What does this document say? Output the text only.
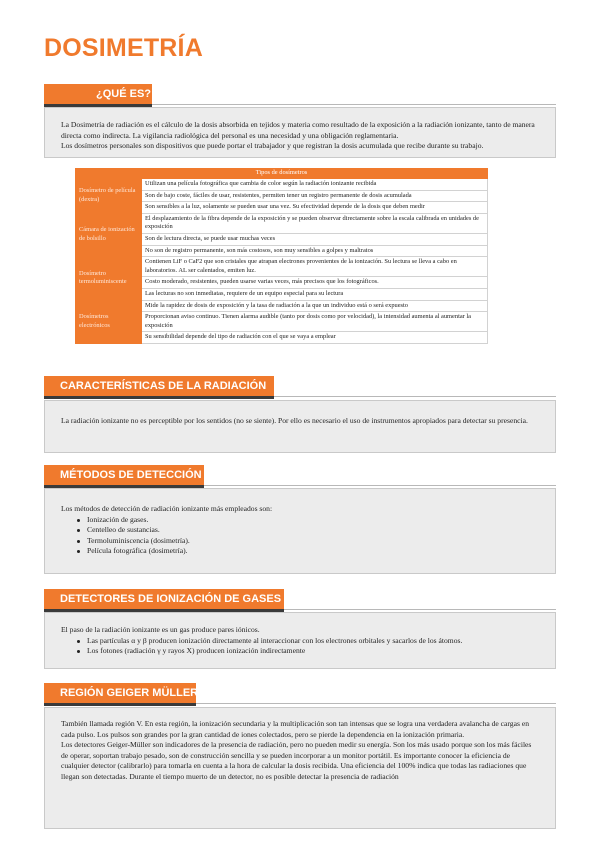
DOSIMETRÍA
¿QUÉ ES?

La Dosimetría de radiación es el cálculo de la dosis absorbida en tejidos y materia como resultado de la exposición a la radiación ionizante, tanto de manera directa como indirecta. La vigilancia radiológica del personal es una necesidad y una obligación reglamentaria.

Los dosímetros personales son dispositivos que puede portar el trabajador y que registran la dosis acumulada que recibe durante su trabajo.

Tipos de dosímetros	
Dosímetro de película (dextra)	Utilizan una película fotográfica que cambia de color según la radiación ionizante recibida
	Son de bajo coste, fáciles de usar, resistentes, permiten tener un registro permanente de dosis acumulada
	Son sensibles a la luz, solamente se pueden usar una vez. Su efectividad depende de la dosis que deben medir
Cámara de ionización de bolsillo	El desplazamiento de la fibra depende de la exposición y se pueden observar directamente sobre la escala calibrada en unidades de exposición
	Son de lectura directa, se puede usar muchas veces
	No son de registro permanente, son más costosos, son muy sensibles a golpes y maltratos
Dosímetro termoluminiscente	Contienen LiF o CaF2 que son cristales que atrapan electrones provenientes de la ionización. Su lectura se lleva a cabo en laboratorios. AL ser calentados, emiten luz.
	Costo moderado, resistentes, pueden usarse varias veces, más precisos que los fotográficos.
	Las lecturas no son inmediatas, requiere de un equipo especial para su lectura
Dosímetros electrónicos	Mide la rapidez de dosis de exposición y la tasa de radiación a la que un individuo está o será expuesto
	Proporcionan aviso continuo. Tienen alarma audible (tanto por dosis como por velocidad), la intensidad aumenta al aumentar la exposición
	Su sensibilidad depende del tipo de radiación con el que se vaya a emplear
CARACTERÍSTICAS DE LA RADIACIÓN

La radiación ionizante no es perceptible por los sentidos (no se siente). Por ello es necesario el uso de instrumentos apropiados para detectar su presencia.

MÉTODOS DE DETECCIÓN

Los métodos de detección de radiación ionizante más empleados son:

Ionización de gases.
Centelleo de sustancias.
Termoluminiscencia (dosimetría).
Película fotográfica (dosimetría).
DETECTORES DE IONIZACIÓN DE GASES

El paso de la radiación ionizante es un gas produce pares iónicos.

Las partículas α y β producen ionización directamente al interaccionar con los electrones orbitales y sacarlos de los átomos.
Los fotones (radiación γ y rayos X) producen ionización indirectamente
REGIÓN GEIGER MÜLLER

También llamada región V. En esta región, la ionización secundaria y la multiplicación son tan intensas que se logra una verdadera avalancha de cargas en cada pulso. Los pulsos son grandes por la gran cantidad de iones colectados, pero se pierde la dependencia en la ionización primaria.

Los detectores Geiger-Müller son indicadores de la presencia de radiación, pero no pueden medir su energía. Son los más usado porque son los más fáciles de operar, soportan trabajo pesado, son de construcción sencilla y se pueden incorporar a un monitor portátil. Es importante conocer la eficiencia de cualquier detector (calibrarlo) para tomarla en cuenta a la hora de calcular la dosis recibida. Una eficiencia del 100% indica que todas las radiaciones que llegan son detectadas. Durante el tiempo muerto de un detector, no es posible detectar la presencia de radiación
